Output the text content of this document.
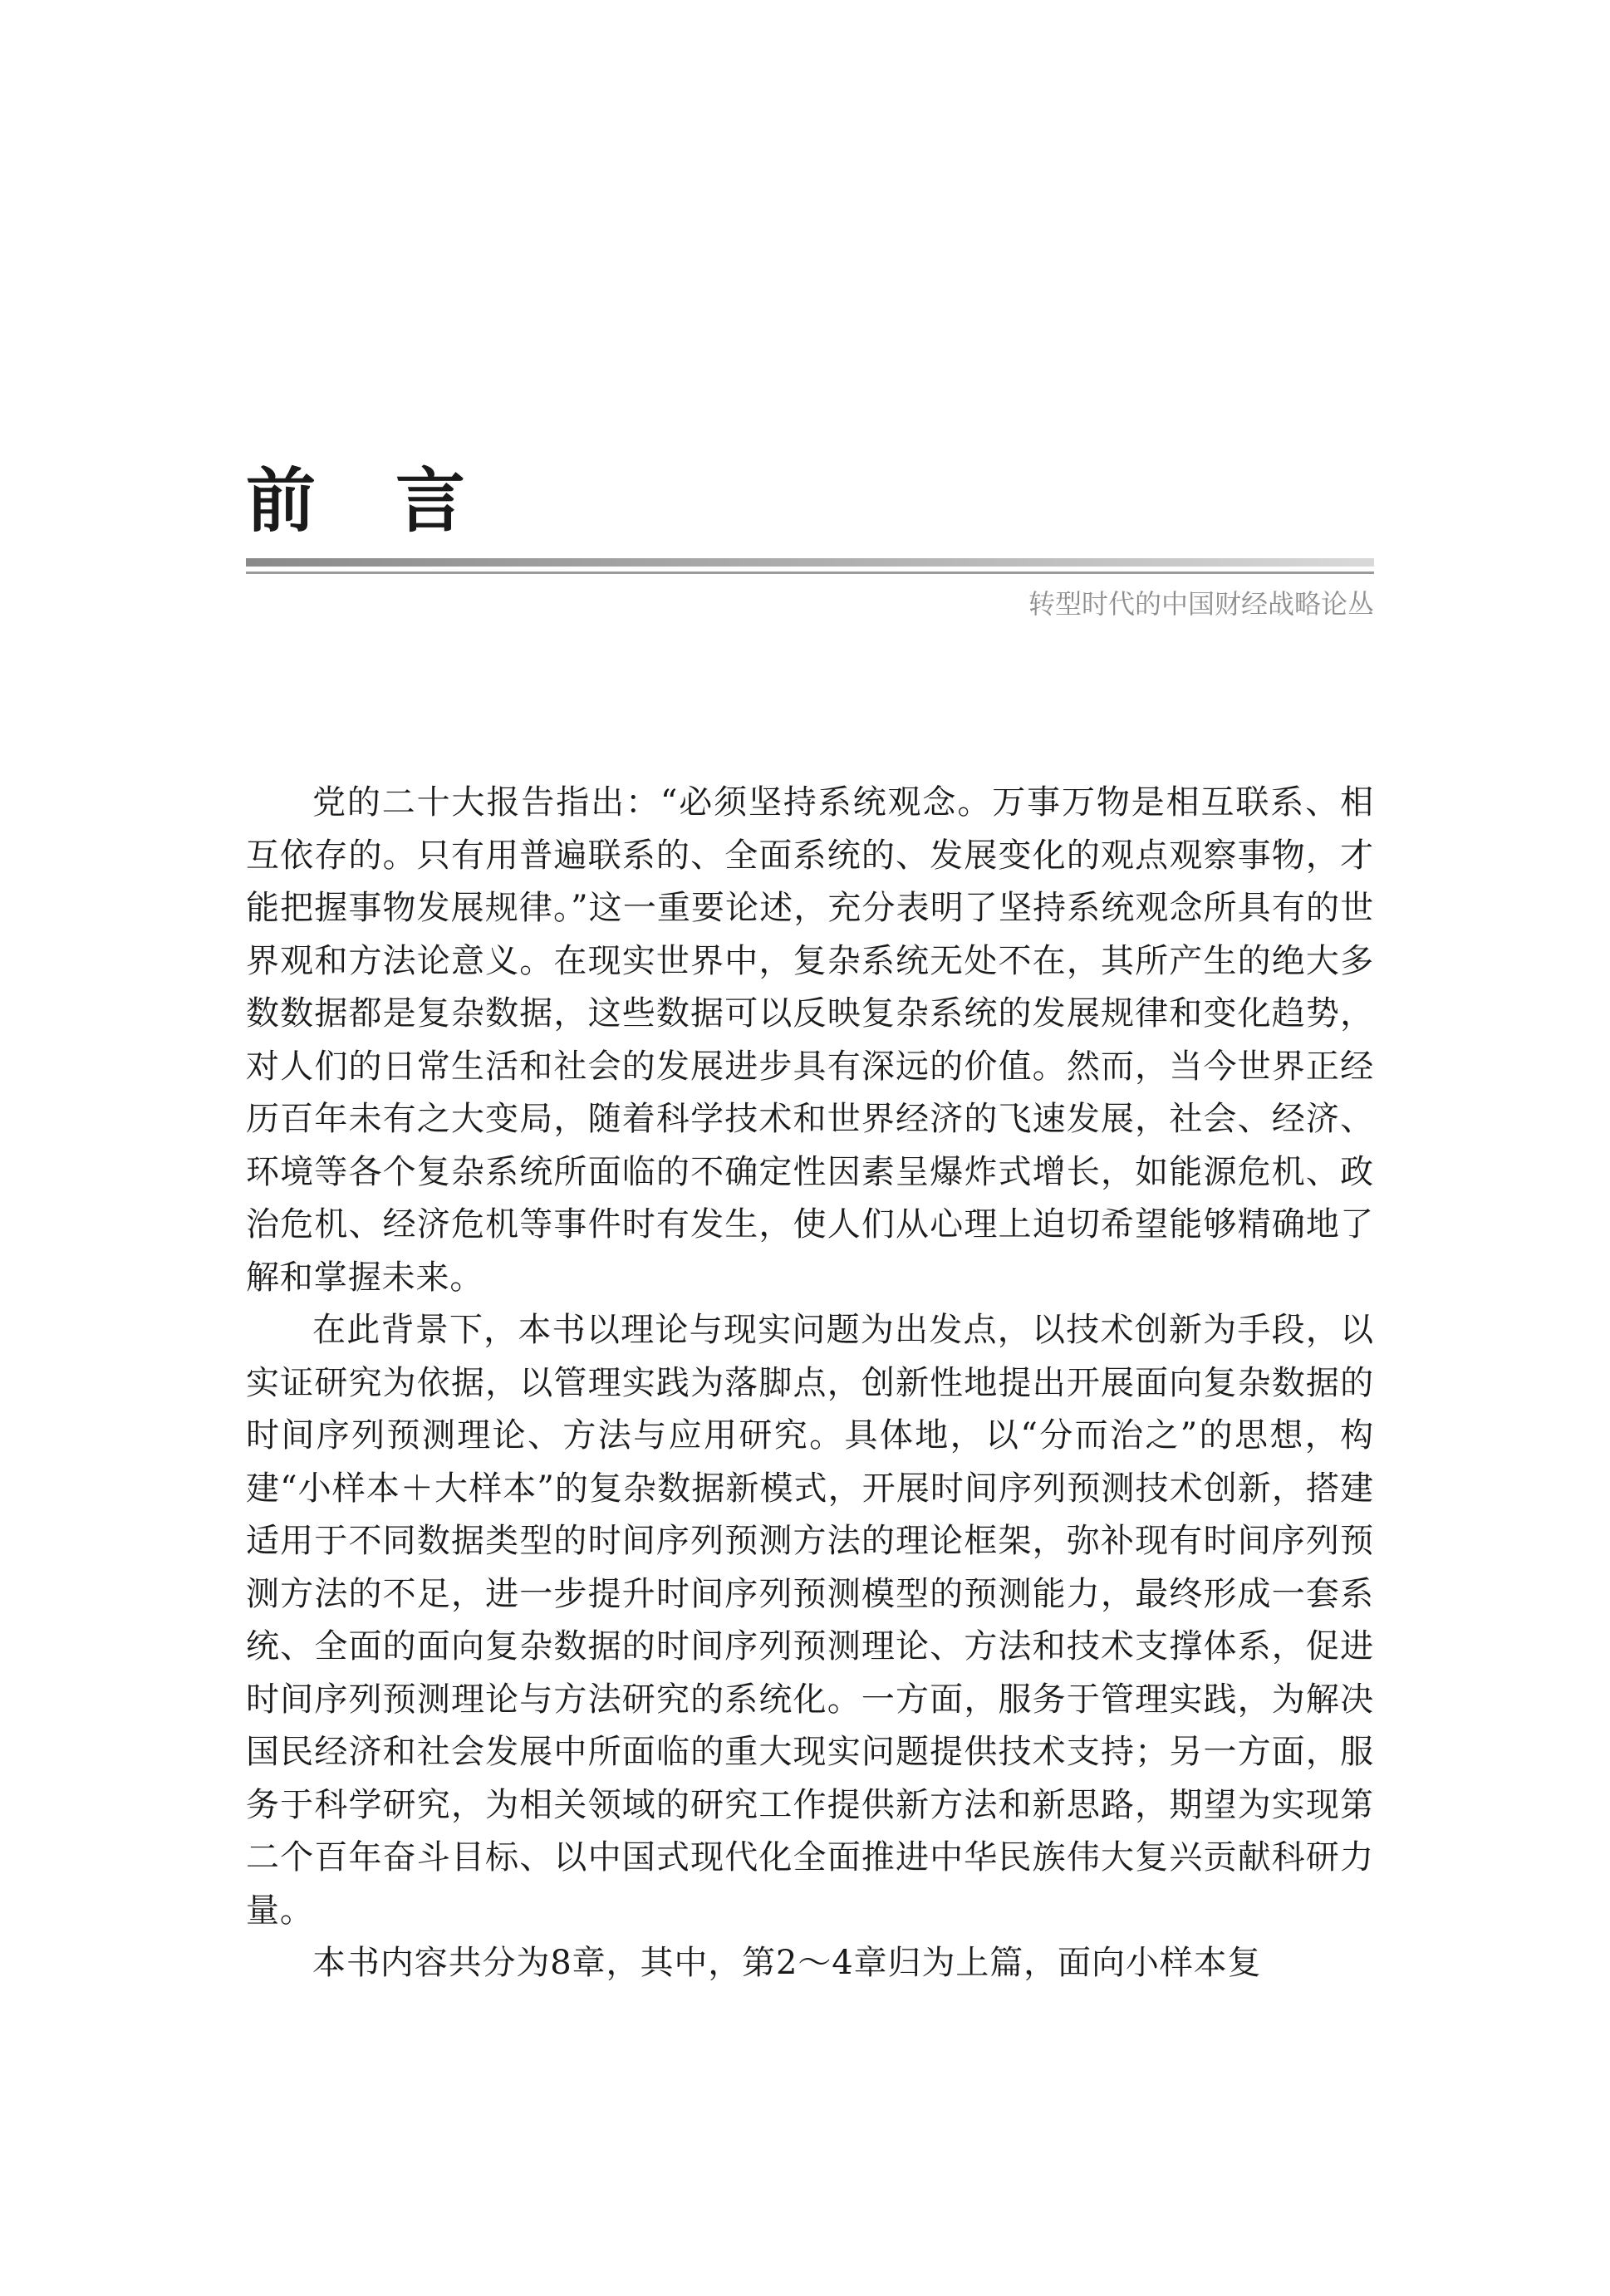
前言
转型时代的中国财经战略论丛

党的二十大报告指出：“必须坚持系统观念。万事万物是相互联系、相互依存的。只有用普遍联系的、全面系统的、发展变化的观点观察事物，才能把握事物发展规律。”这一重要论述，充分表明了坚持系统观念所具有的世界观和方法论意义。在现实世界中，复杂系统无处不在，其所产生的绝大多数数据都是复杂数据，这些数据可以反映复杂系统的发展规律和变化趋势，对人们的日常生活和社会的发展进步具有深远的价值。然而，当今世界正经历百年未有之大变局，随着科学技术和世界经济的飞速发展，社会、经济、环境等各个复杂系统所面临的不确定性因素呈爆炸式增长，如能源危机、政治危机、经济危机等事件时有发生，使人们从心理上迫切希望能够精确地了解和掌握未来。

在此背景下，本书以理论与现实问题为出发点，以技术创新为手段，以实证研究为依据，以管理实践为落脚点，创新性地提出开展面向复杂数据的时间序列预测理论、方法与应用研究。具体地，以“分而治之”的思想，构建“小样本＋大样本”的复杂数据新模式，开展时间序列预测技术创新，搭建适用于不同数据类型的时间序列预测方法的理论框架，弥补现有时间序列预测方法的不足，进一步提升时间序列预测模型的预测能力，最终形成一套系统、全面的面向复杂数据的时间序列预测理论、方法和技术支撑体系，促进时间序列预测理论与方法研究的系统化。一方面，服务于管理实践，为解决国民经济和社会发展中所面临的重大现实问题提供技术支持；另一方面，服务于科学研究，为相关领域的研究工作提供新方法和新思路，期望为实现第二个百年奋斗目标、以中国式现代化全面推进中华民族伟大复兴贡献科研力量。

本书内容共分为8章，其中，第2～4章归为上篇，面向小样本复
